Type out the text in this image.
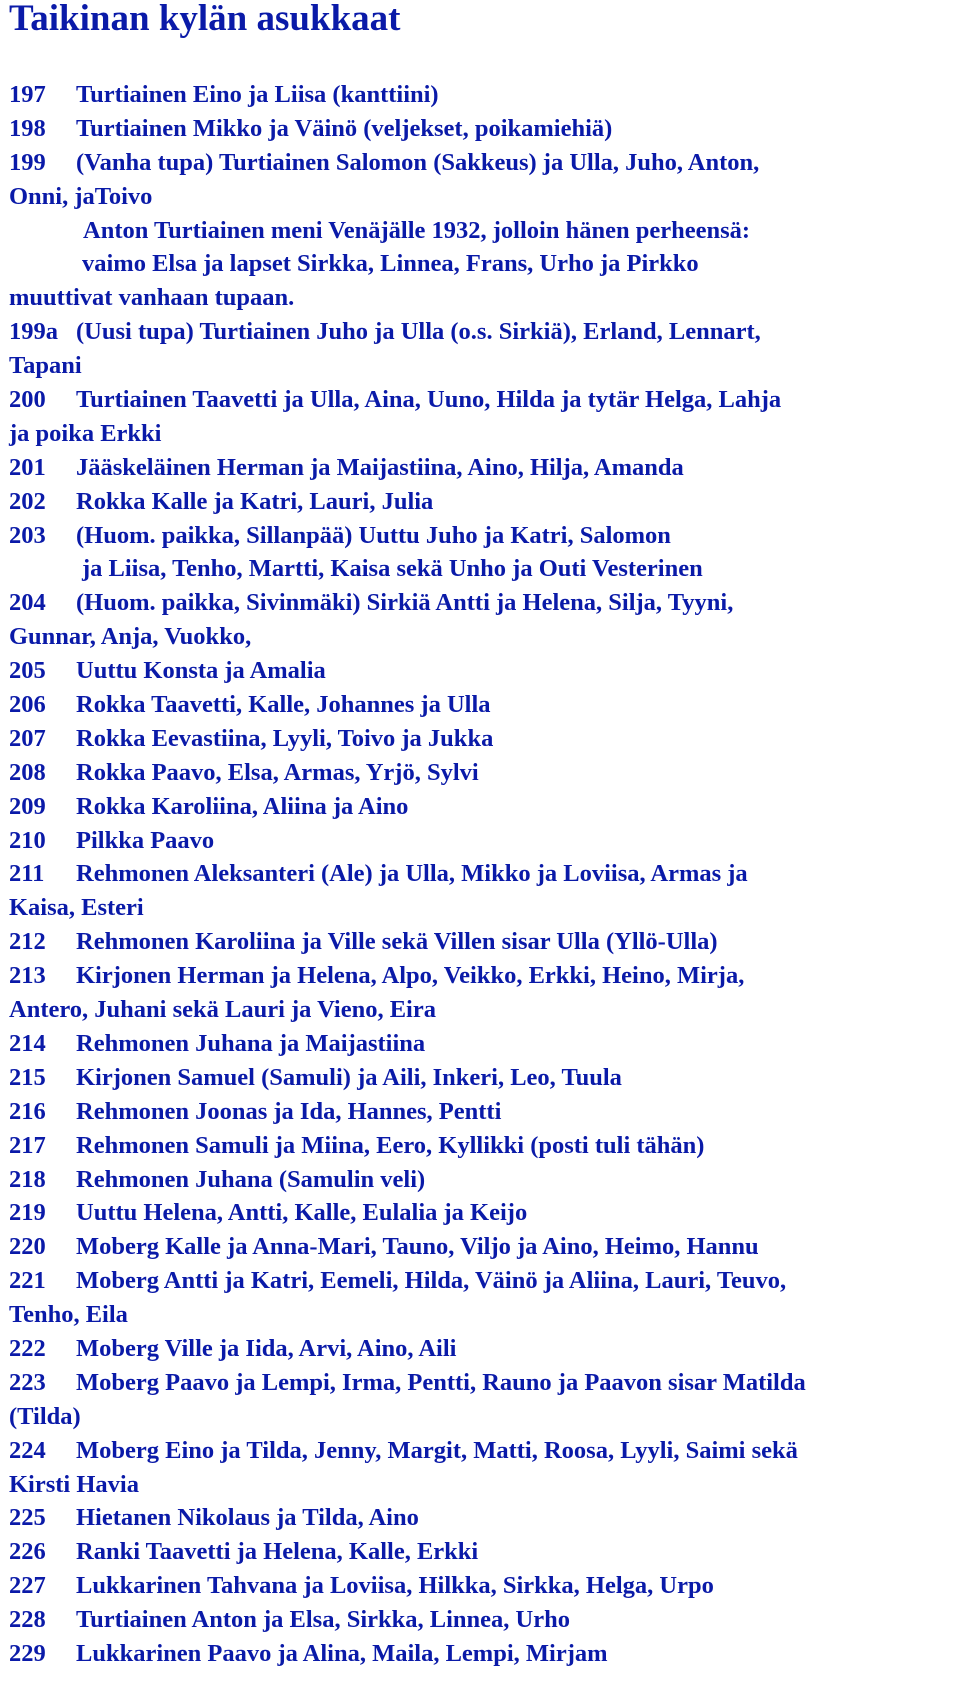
Taikinan kylän asukkaat
197 Turtiainen Eino ja Liisa (kanttiini)
198 Turtiainen Mikko ja Väinö (veljekset, poikamiehiä)
199 (Vanha tupa) Turtiainen Salomon (Sakkeus) ja Ulla, Juho, Anton,
Onni, jaToivo
Anton Turtiainen meni Venäjälle 1932, jolloin hänen perheensä:
vaimo Elsa ja lapset Sirkka, Linnea, Frans, Urho ja Pirkko
muuttivat vanhaan tupaan.
199a (Uusi tupa) Turtiainen Juho ja Ulla (o.s. Sirkiä), Erland, Lennart,
Tapani
200 Turtiainen Taavetti ja Ulla, Aina, Uuno, Hilda ja tytär Helga, Lahja
ja poika Erkki
201 Jääskeläinen Herman ja Maijastiina, Aino, Hilja, Amanda
202 Rokka Kalle ja Katri, Lauri, Julia
203 (Huom. paikka, Sillanpää) Uuttu Juho ja Katri, Salomon
ja Liisa, Tenho, Martti, Kaisa sekä Unho ja Outi Vesterinen
204 (Huom. paikka, Sivinmäki) Sirkiä Antti ja Helena, Silja, Tyyni,
Gunnar, Anja, Vuokko,
205 Uuttu Konsta ja Amalia
206 Rokka Taavetti, Kalle, Johannes ja Ulla
207 Rokka Eevastiina, Lyyli, Toivo ja Jukka
208 Rokka Paavo, Elsa, Armas, Yrjö, Sylvi
209 Rokka Karoliina, Aliina ja Aino
210 Pilkka Paavo
211 Rehmonen Aleksanteri (Ale) ja Ulla, Mikko ja Loviisa, Armas ja
Kaisa, Esteri
212 Rehmonen Karoliina ja Ville sekä Villen sisar Ulla (Yllö-Ulla)
213 Kirjonen Herman ja Helena, Alpo, Veikko, Erkki, Heino, Mirja,
Antero, Juhani sekä Lauri ja Vieno, Eira
214 Rehmonen Juhana ja Maijastiina
215 Kirjonen Samuel (Samuli) ja Aili, Inkeri, Leo, Tuula
216 Rehmonen Joonas ja Ida, Hannes, Pentti
217 Rehmonen Samuli ja Miina, Eero, Kyllikki (posti tuli tähän)
218 Rehmonen Juhana (Samulin veli)
219 Uuttu Helena, Antti, Kalle, Eulalia ja Keijo
220 Moberg Kalle ja Anna-Mari, Tauno, Viljo ja Aino, Heimo, Hannu
221 Moberg Antti ja Katri, Eemeli, Hilda, Väinö ja Aliina, Lauri, Teuvo,
Tenho, Eila
222 Moberg Ville ja Iida, Arvi, Aino, Aili
223 Moberg Paavo ja Lempi, Irma, Pentti, Rauno ja Paavon sisar Matilda
(Tilda)
224 Moberg Eino ja Tilda, Jenny, Margit, Matti, Roosa, Lyyli, Saimi sekä
Kirsti Havia
225 Hietanen Nikolaus ja Tilda, Aino
226 Ranki Taavetti ja Helena, Kalle, Erkki
227 Lukkarinen Tahvana ja Loviisa, Hilkka, Sirkka, Helga, Urpo
228 Turtiainen Anton ja Elsa, Sirkka, Linnea, Urho
229 Lukkarinen Paavo ja Alina, Maila, Lempi, Mirjam
